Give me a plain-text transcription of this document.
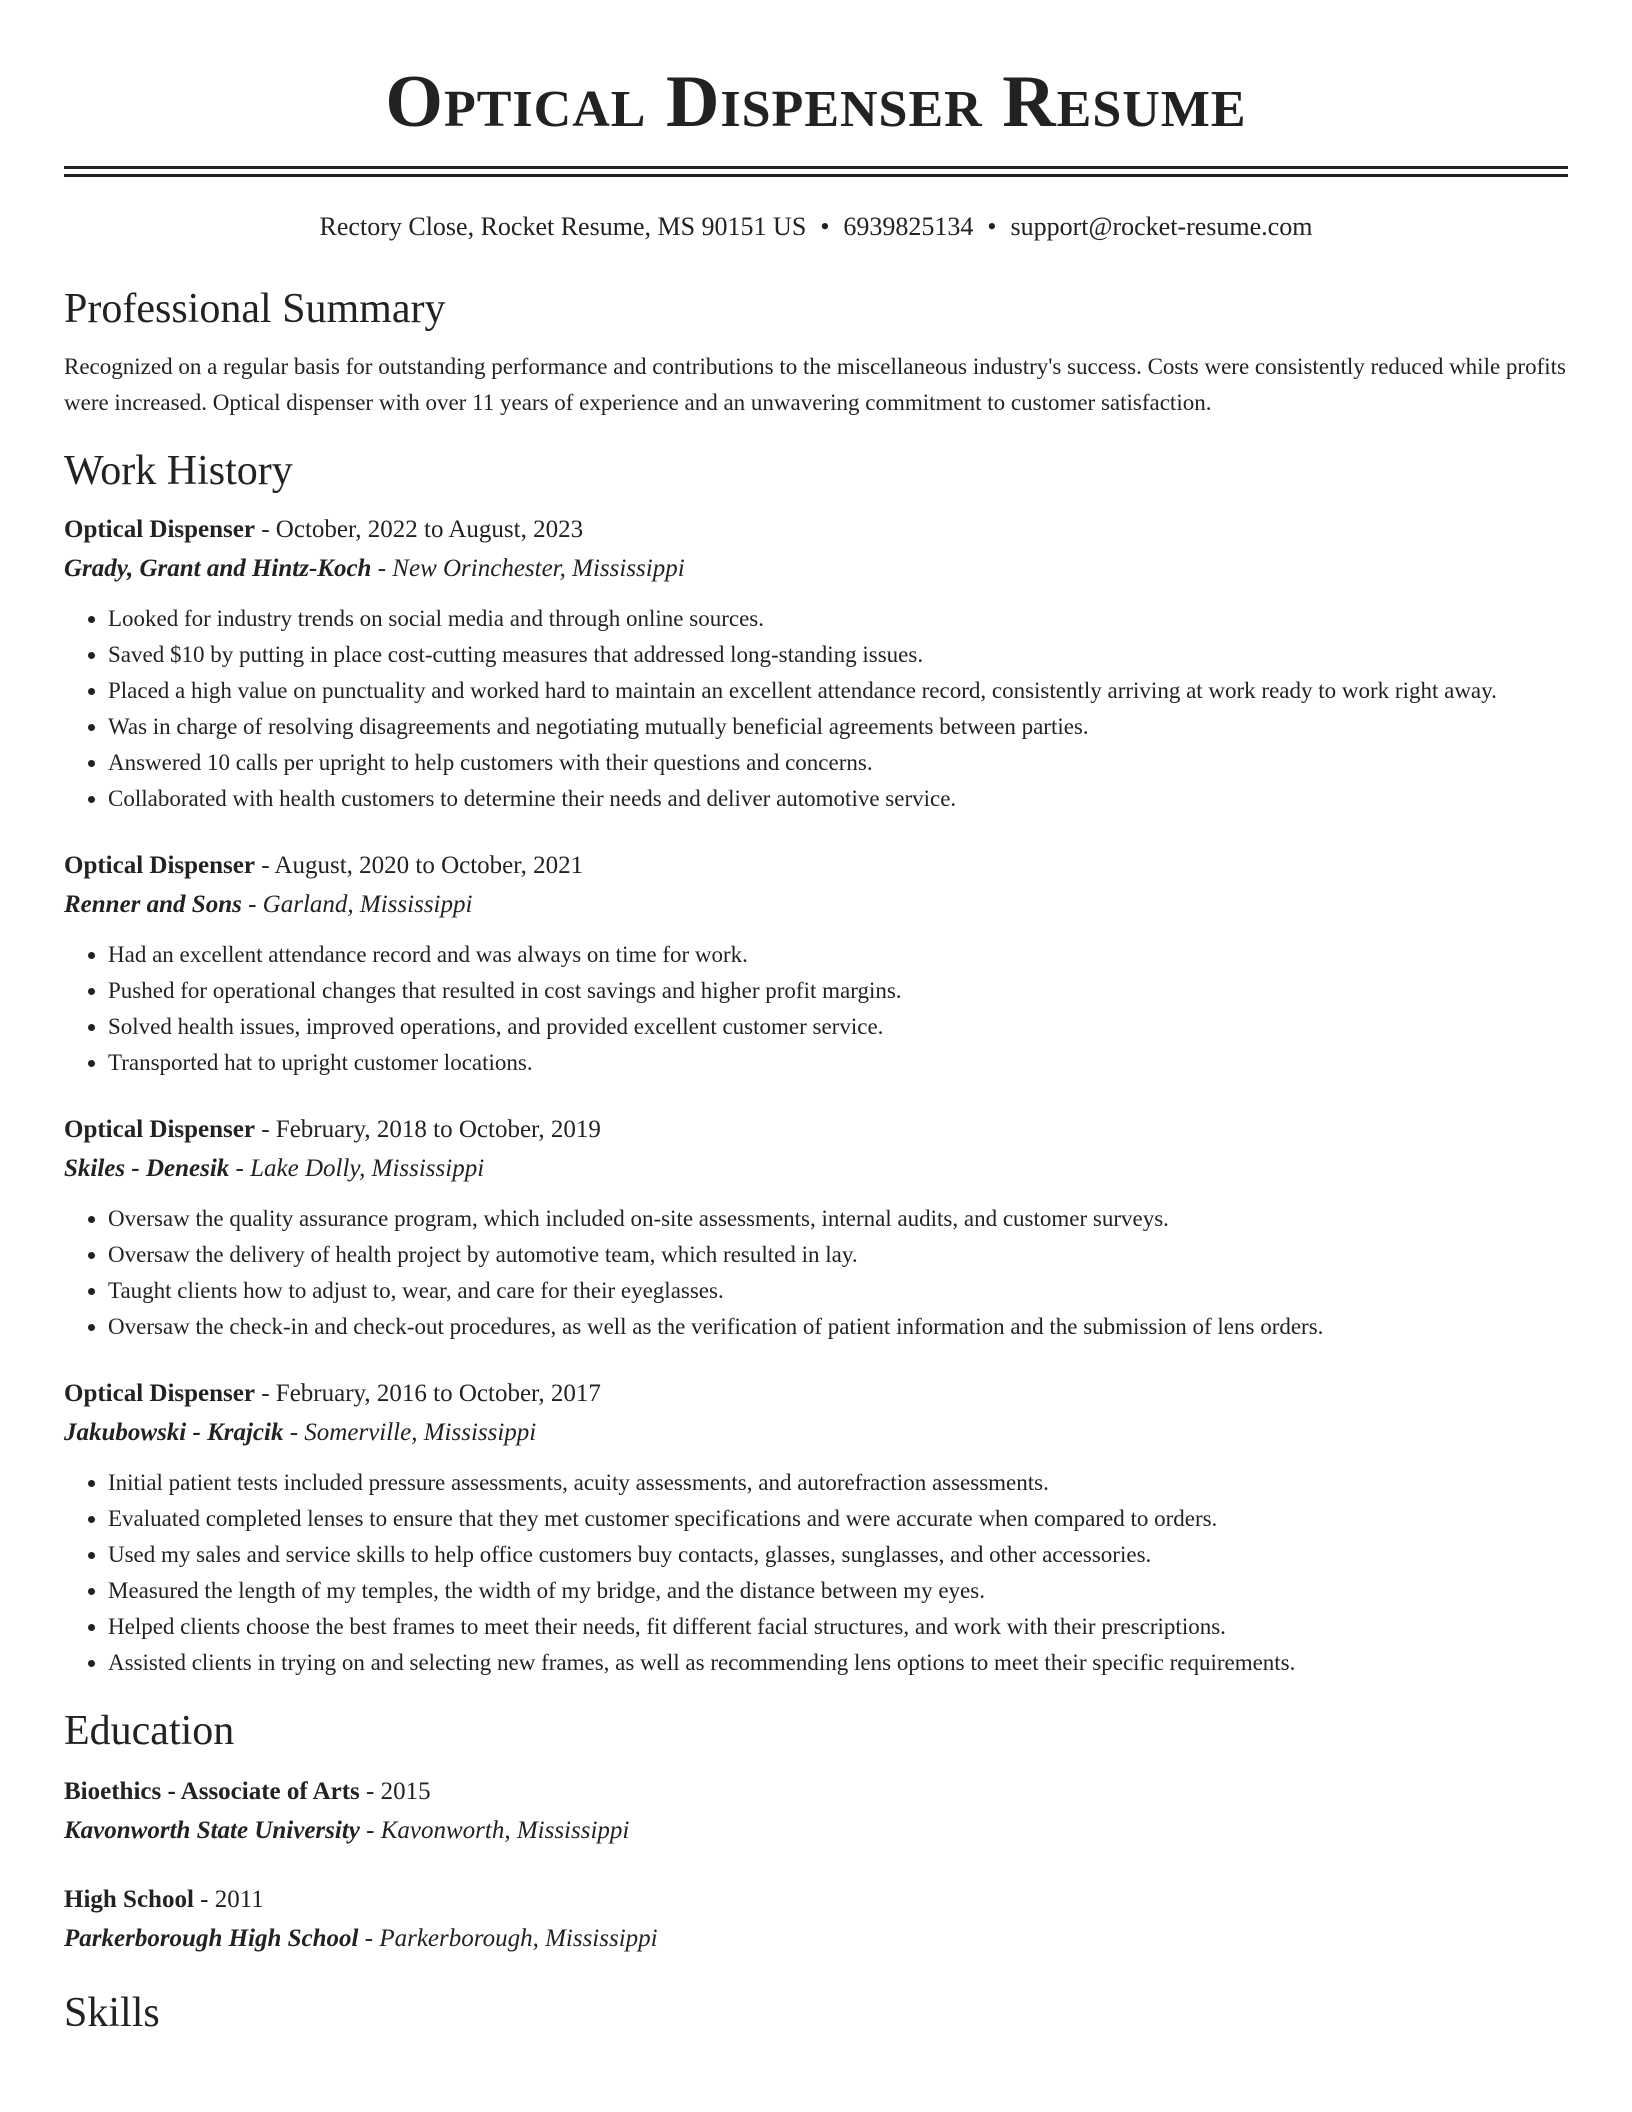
Optical Dispenser Resume
Rectory Close, Rocket Resume, MS 90151 US • 6939825134 • support@rocket-resume.com
Professional Summary

Recognized on a regular basis for outstanding performance and contributions to the miscellaneous industry's success. Costs were consistently reduced while profits were increased. Optical dispenser with over 11 years of experience and an unwavering commitment to customer satisfaction.

Work History
Optical Dispenser - October, 2022 to August, 2023
Grady, Grant and Hintz-Koch - New Orinchester, Mississippi
• Looked for industry trends on social media and through online sources.
• Saved $10 by putting in place cost-cutting measures that addressed long-standing issues.
• Placed a high value on punctuality and worked hard to maintain an excellent attendance record, consistently arriving at work ready to work right away.
• Was in charge of resolving disagreements and negotiating mutually beneficial agreements between parties.
• Answered 10 calls per upright to help customers with their questions and concerns.
• Collaborated with health customers to determine their needs and deliver automotive service.
Optical Dispenser - August, 2020 to October, 2021
Renner and Sons - Garland, Mississippi
• Had an excellent attendance record and was always on time for work.
• Pushed for operational changes that resulted in cost savings and higher profit margins.
• Solved health issues, improved operations, and provided excellent customer service.
• Transported hat to upright customer locations.
Optical Dispenser - February, 2018 to October, 2019
Skiles - Denesik - Lake Dolly, Mississippi
• Oversaw the quality assurance program, which included on-site assessments, internal audits, and customer surveys.
• Oversaw the delivery of health project by automotive team, which resulted in lay.
• Taught clients how to adjust to, wear, and care for their eyeglasses.
• Oversaw the check-in and check-out procedures, as well as the verification of patient information and the submission of lens orders.
Optical Dispenser - February, 2016 to October, 2017
Jakubowski - Krajcik - Somerville, Mississippi
• Initial patient tests included pressure assessments, acuity assessments, and autorefraction assessments.
• Evaluated completed lenses to ensure that they met customer specifications and were accurate when compared to orders.
• Used my sales and service skills to help office customers buy contacts, glasses, sunglasses, and other accessories.
• Measured the length of my temples, the width of my bridge, and the distance between my eyes.
• Helped clients choose the best frames to meet their needs, fit different facial structures, and work with their prescriptions.
• Assisted clients in trying on and selecting new frames, as well as recommending lens options to meet their specific requirements.
Education
Bioethics - Associate of Arts - 2015
Kavonworth State University - Kavonworth, Mississippi
High School - 2011
Parkerborough High School - Parkerborough, Mississippi
Skills
